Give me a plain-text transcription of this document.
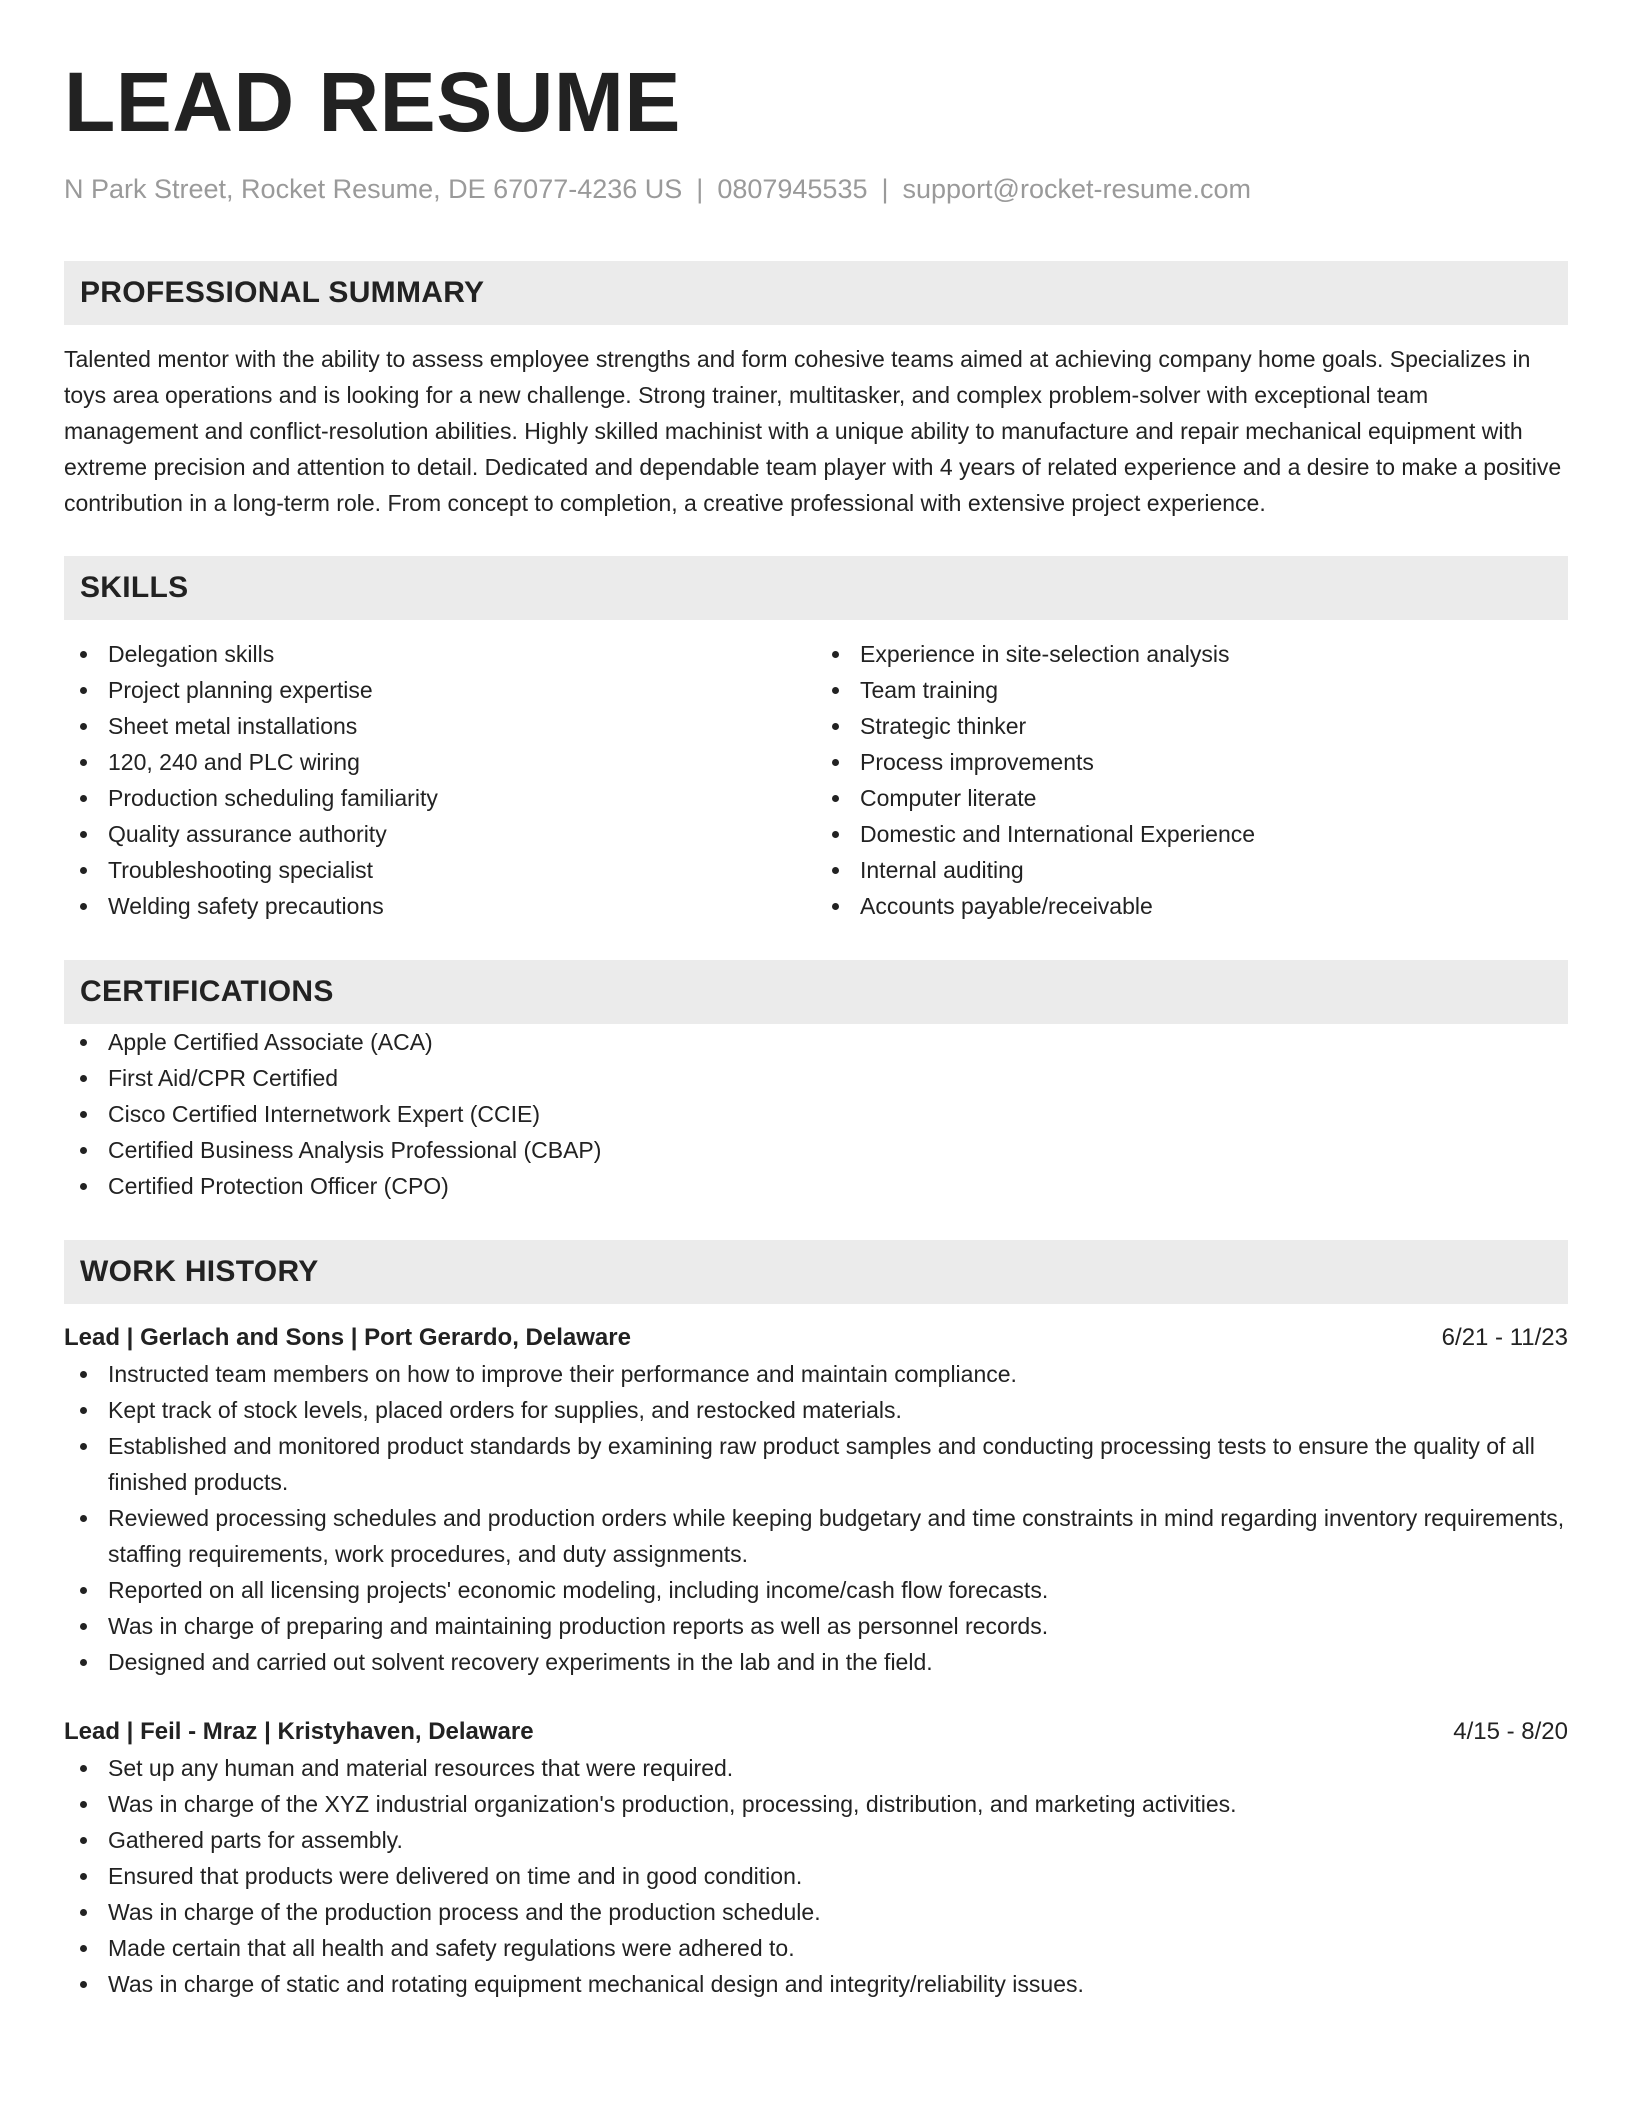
LEAD RESUME
N Park Street, Rocket Resume, DE 67077-4236 US | 0807945535 | support@rocket-resume.com
PROFESSIONAL SUMMARY
Talented mentor with the ability to assess employee strengths and form cohesive teams aimed at achieving company home goals. Specializes in toys area operations and is looking for a new challenge. Strong trainer, multitasker, and complex problem-solver with exceptional team management and conflict-resolution abilities. Highly skilled machinist with a unique ability to manufacture and repair mechanical equipment with extreme precision and attention to detail. Dedicated and dependable team player with 4 years of related experience and a desire to make a positive contribution in a long-term role. From concept to completion, a creative professional with extensive project experience.
SKILLS
Delegation skills
Project planning expertise
Sheet metal installations
120, 240 and PLC wiring
Production scheduling familiarity
Quality assurance authority
Troubleshooting specialist
Welding safety precautions
Experience in site-selection analysis
Team training
Strategic thinker
Process improvements
Computer literate
Domestic and International Experience
Internal auditing
Accounts payable/receivable
CERTIFICATIONS
Apple Certified Associate (ACA)
First Aid/CPR Certified
Cisco Certified Internetwork Expert (CCIE)
Certified Business Analysis Professional (CBAP)
Certified Protection Officer (CPO)
WORK HISTORY
Lead | Gerlach and Sons | Port Gerardo, Delaware	6/21 - 11/23
Instructed team members on how to improve their performance and maintain compliance.
Kept track of stock levels, placed orders for supplies, and restocked materials.
Established and monitored product standards by examining raw product samples and conducting processing tests to ensure the quality of all finished products.
Reviewed processing schedules and production orders while keeping budgetary and time constraints in mind regarding inventory requirements, staffing requirements, work procedures, and duty assignments.
Reported on all licensing projects' economic modeling, including income/cash flow forecasts.
Was in charge of preparing and maintaining production reports as well as personnel records.
Designed and carried out solvent recovery experiments in the lab and in the field.
Lead | Feil - Mraz | Kristyhaven, Delaware	4/15 - 8/20
Set up any human and material resources that were required.
Was in charge of the XYZ industrial organization's production, processing, distribution, and marketing activities.
Gathered parts for assembly.
Ensured that products were delivered on time and in good condition.
Was in charge of the production process and the production schedule.
Made certain that all health and safety regulations were adhered to.
Was in charge of static and rotating equipment mechanical design and integrity/reliability issues.
